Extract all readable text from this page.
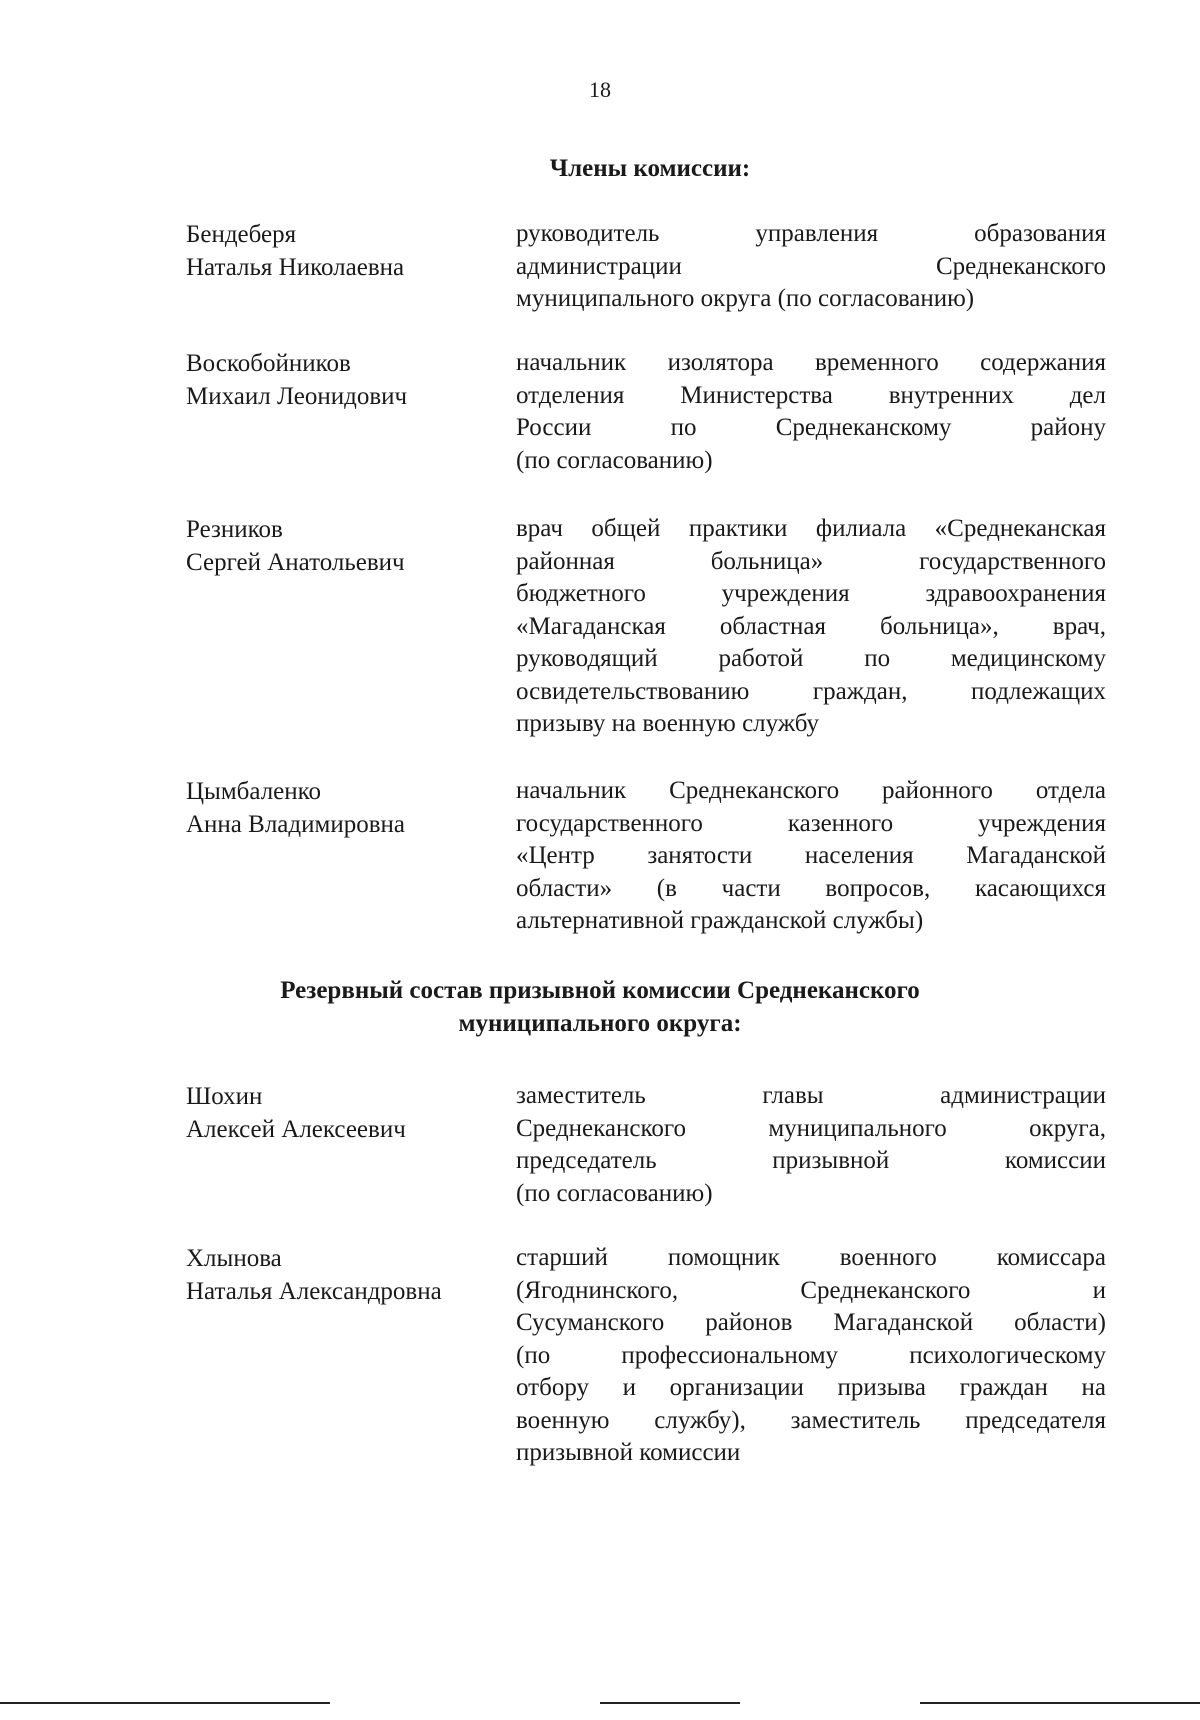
18
Члены комиссии:
Бендеберя
Наталья Николаевна
руководитель управления образования
администрации Среднеканского
муниципального округа (по согласованию)
Воскобойников
Михаил Леонидович
начальник изолятора временного содержания
отделения Министерства внутренних дел
России по Среднеканскому району
(по согласованию)
Резников
Сергей Анатольевич
врач общей практики филиала «Среднеканская
районная больница» государственного
бюджетного учреждения здравоохранения
«Магаданская областная больница», врач,
руководящий работой по медицинскому
освидетельствованию граждан, подлежащих
призыву на военную службу
Цымбаленко
Анна Владимировна
начальник Среднеканского районного отдела
государственного казенного учреждения
«Центр занятости населения Магаданской
области» (в части вопросов, касающихся
альтернативной гражданской службы)
Резервный состав призывной комиссии Среднеканского
муниципального округа:
Шохин
Алексей Алексеевич
заместитель главы администрации
Среднеканского муниципального округа,
председатель призывной комиссии
(по согласованию)
Хлынова
Наталья Александровна
старший помощник военного комиссара
(Ягоднинского, Среднеканского и
Сусуманского районов Магаданской области)
(по профессиональному психологическому
отбору и организации призыва граждан на
военную службу), заместитель председателя
призывной комиссии
